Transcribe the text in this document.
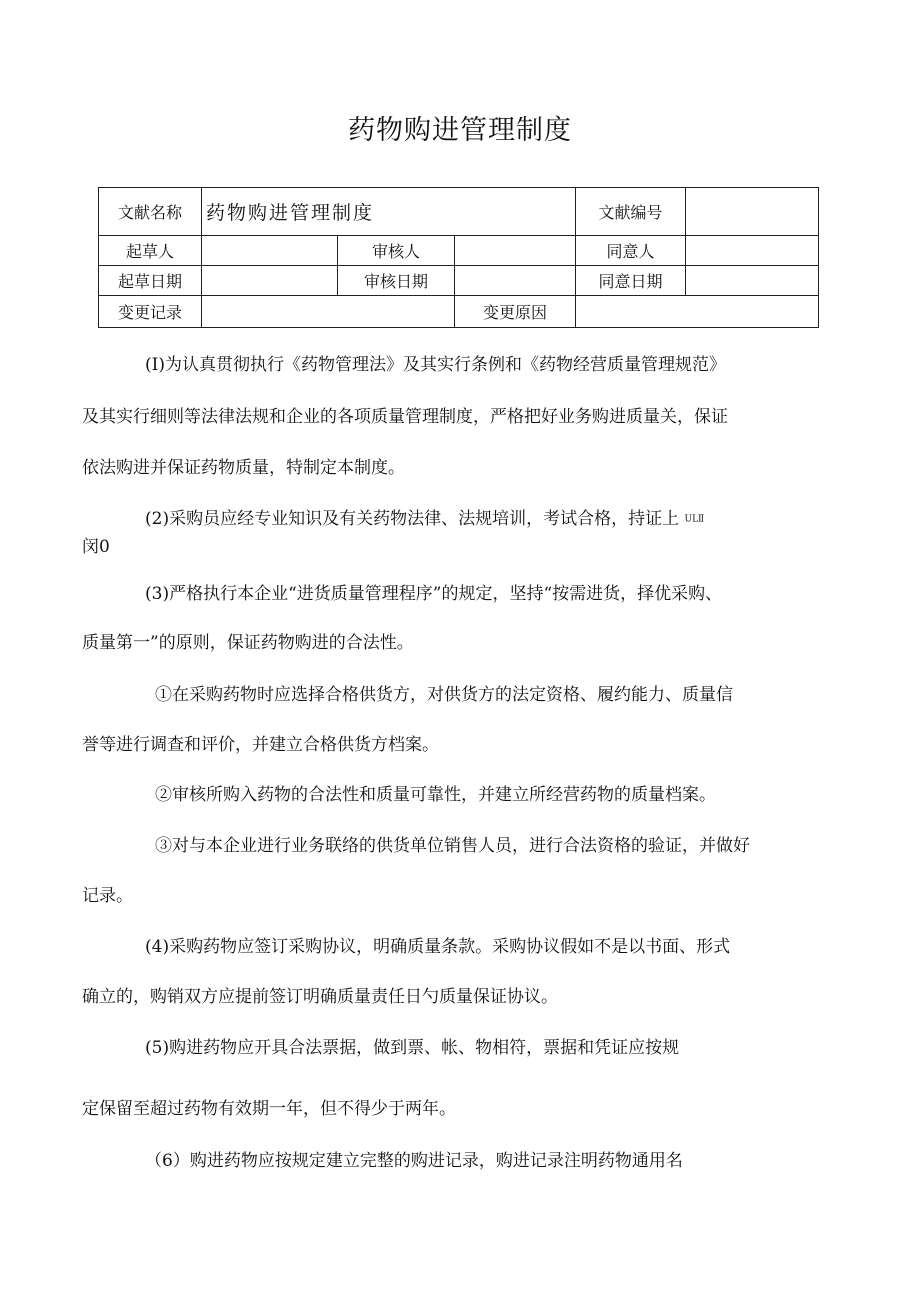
药物购进管理制度
文献名称	药物购进管理制度			文献编号	
起草人		审核人		同意人	
起草日期		审核日期		同意日期	
变更记录			变更原因		
(I)为认真贯彻执行《药物管理法》及其实行条例和《药物经营质量管理规范》
及其实行细则等法律法规和企业的各项质量管理制度，严格把好业务购进质量关，保证
依法购进并保证药物质量，特制定本制度。
(2)采购员应经专业知识及有关药物法律、法规培训，考试合格，持证上 ULⅡ
闵0
(3)严格执行本企业“进货质量管理程序”的规定，坚持“按需进货，择优采购、
质量第一”的原则，保证药物购进的合法性。
①在采购药物时应选择合格供货方，对供货方的法定资格、履约能力、质量信
誉等进行调查和评价，并建立合格供货方档案。
②审核所购入药物的合法性和质量可靠性，并建立所经营药物的质量档案。
③对与本企业进行业务联络的供货单位销售人员，进行合法资格的验证，并做好
记录。
(4)采购药物应签订采购协议，明确质量条款。采购协议假如不是以书面、形式
确立的，购销双方应提前签订明确质量责任日勺质量保证协议。
(5)购进药物应开具合法票据，做到票、帐、物相符，票据和凭证应按规
定保留至超过药物有效期一年，但不得少于两年。
（6）购进药物应按规定建立完整的购进记录，购进记录注明药物通用名
